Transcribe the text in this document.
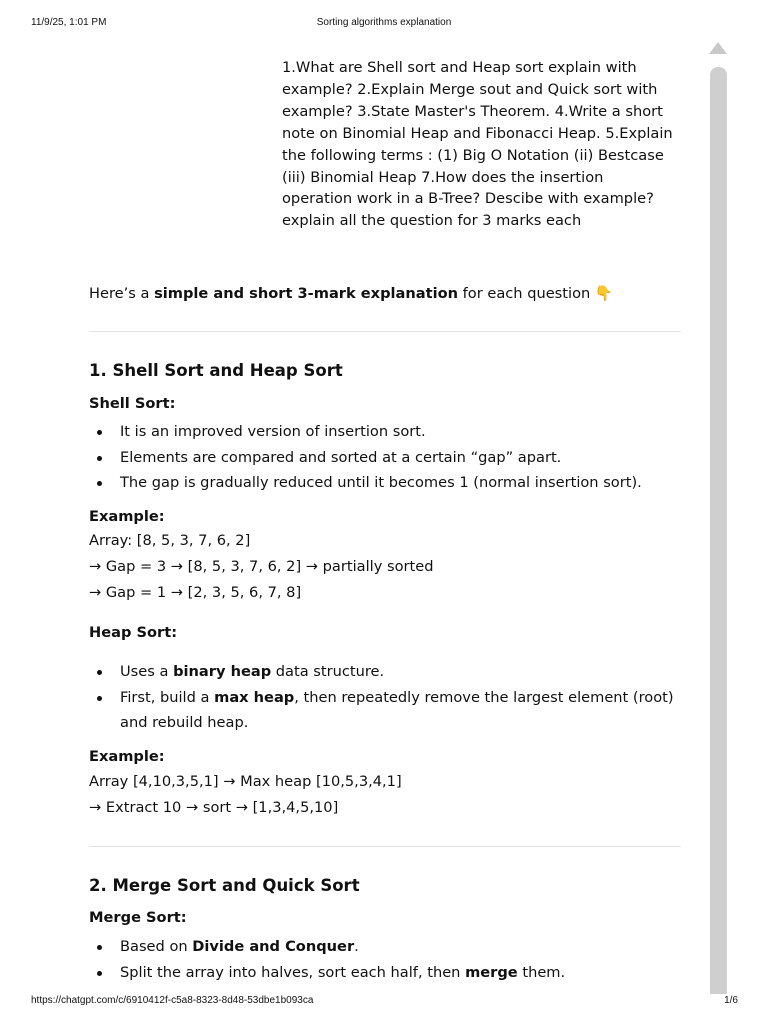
11/9/25, 1:01 PM	Sorting algorithms explanation
1.What are Shell sort and Heap sort explain with example? 2.Explain Merge sout and Quick sort with example? 3.State Master's Theorem. 4.Write a short note on Binomial Heap and Fibonacci Heap. 5.Explain the following terms : (1) Big O Notation (ii) Bestcase (iii) Binomial Heap 7.How does the insertion operation work in a B-Tree? Descibe with example? explain all the question for 3 marks each
Here’s a simple and short 3-mark explanation for each question 👇
1. Shell Sort and Heap Sort
Shell Sort:
It is an improved version of insertion sort.
Elements are compared and sorted at a certain “gap” apart.
The gap is gradually reduced until it becomes 1 (normal insertion sort).
Example:
Array: [8, 5, 3, 7, 6, 2]
→ Gap = 3 → [8, 5, 3, 7, 6, 2] → partially sorted
→ Gap = 1 → [2, 3, 5, 6, 7, 8]
Heap Sort:
Uses a binary heap data structure.
First, build a max heap, then repeatedly remove the largest element (root) and rebuild heap.
Example:
Array [4,10,3,5,1] → Max heap [10,5,3,4,1]
→ Extract 10 → sort → [1,3,4,5,10]
2. Merge Sort and Quick Sort
Merge Sort:
Based on Divide and Conquer.
Split the array into halves, sort each half, then merge them.
https://chatgpt.com/c/6910412f-c5a8-8323-8d48-53dbe1b093ca	1/6
